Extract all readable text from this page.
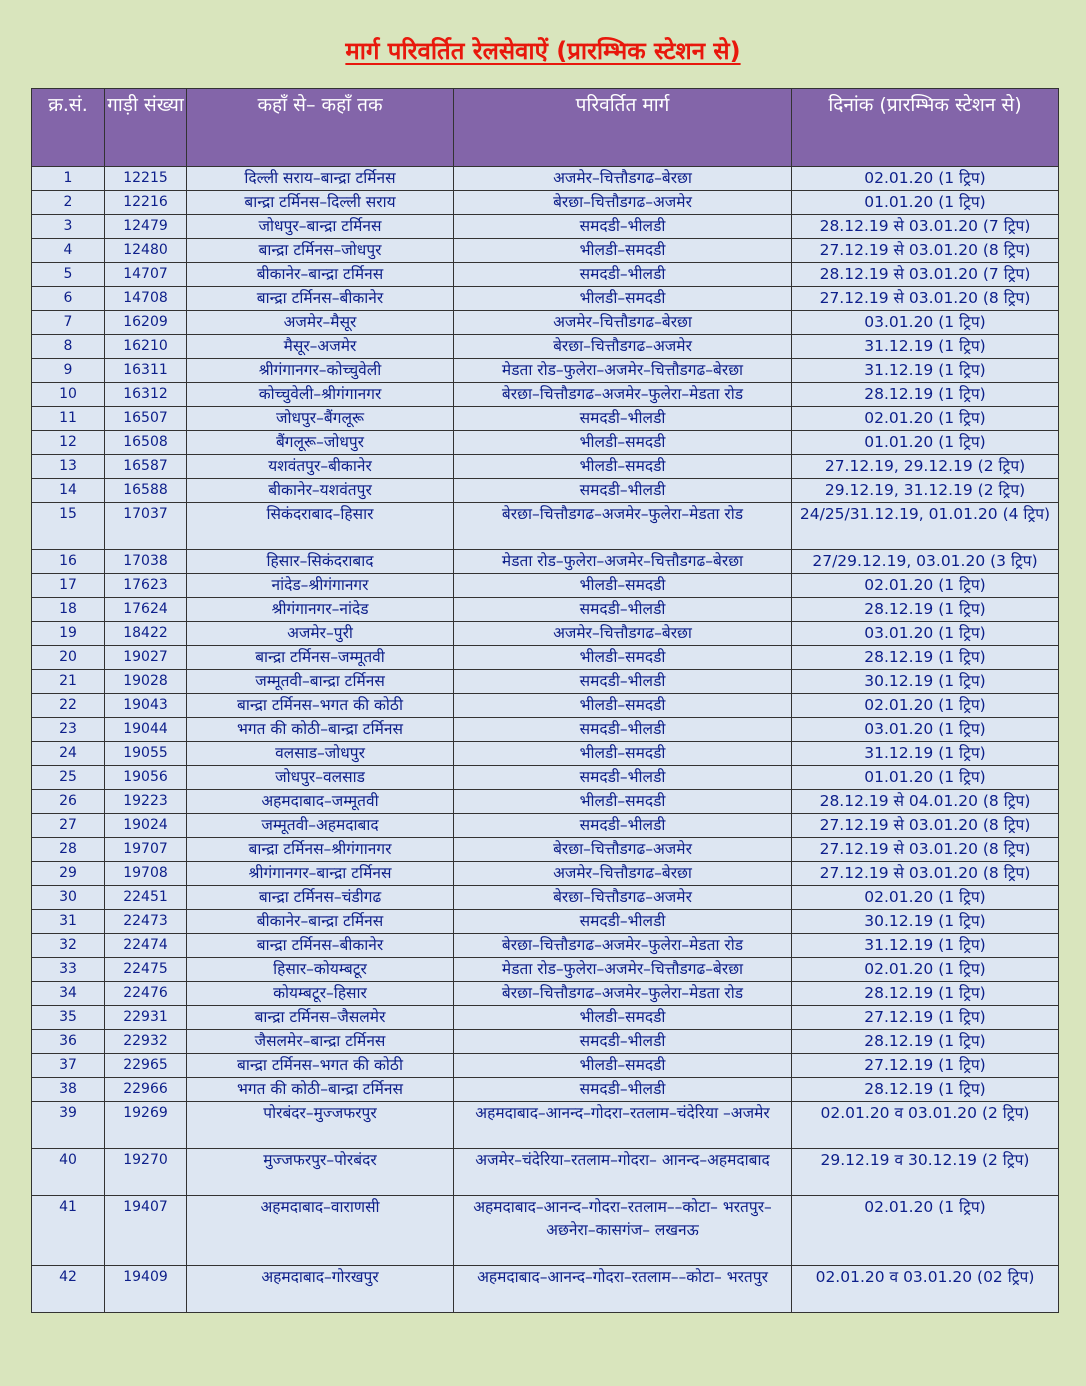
मार्ग परिवर्तित रेलसेवाऐं (प्रारम्भिक स्टेशन से)
क्र.सं.	गाड़ी संख्या	कहाँ से– कहाँ तक	परिवर्तित मार्ग	दिनांक (प्रारम्भिक स्टेशन से)
1	12215	दिल्ली सराय–बान्द्रा टर्मिनस	अजमेर–चित्तौडगढ–बेरछा	02.01.20 (1 ट्रिप)
2	12216	बान्द्रा टर्मिनस–दिल्ली सराय	बेरछा–चित्तौडगढ–अजमेर	01.01.20 (1 ट्रिप)
3	12479	जोधपुर–बान्द्रा टर्मिनस	समदडी–भीलडी	28.12.19 से 03.01.20 (7 ट्रिप)
4	12480	बान्द्रा टर्मिनस–जोधपुर	भीलडी–समदडी	27.12.19 से 03.01.20 (8 ट्रिप)
5	14707	बीकानेर–बान्द्रा टर्मिनस	समदडी–भीलडी	28.12.19 से 03.01.20 (7 ट्रिप)
6	14708	बान्द्रा टर्मिनस–बीकानेर	भीलडी–समदडी	27.12.19 से 03.01.20 (8 ट्रिप)
7	16209	अजमेर–मैसूर	अजमेर–चित्तौडगढ–बेरछा	03.01.20 (1 ट्रिप)
8	16210	मैसूर–अजमेर	बेरछा–चित्तौडगढ–अजमेर	31.12.19 (1 ट्रिप)
9	16311	श्रीगंगानगर–कोच्चुवेली	मेडता रोड–फुलेरा–अजमेर–चित्तौडगढ–बेरछा	31.12.19 (1 ट्रिप)
10	16312	कोच्चुवेली–श्रीगंगानगर	बेरछा–चित्तौडगढ–अजमेर–फुलेरा–मेडता रोड	28.12.19 (1 ट्रिप)
11	16507	जोधपुर–बैंगलूरू	समदडी–भीलडी	02.01.20 (1 ट्रिप)
12	16508	बैंगलूरू–जोधपुर	भीलडी–समदडी	01.01.20 (1 ट्रिप)
13	16587	यशवंतपुर–बीकानेर	भीलडी–समदडी	27.12.19, 29.12.19 (2 ट्रिप)
14	16588	बीकानेर–यशवंतपुर	समदडी–भीलडी	29.12.19, 31.12.19 (2 ट्रिप)
15	17037	सिकंदराबाद–हिसार	बेरछा–चित्तौडगढ–अजमेर–फुलेरा–मेडता रोड	24/25/31.12.19, 01.01.20 (4 ट्रिप)
16	17038	हिसार–सिकंदराबाद	मेडता रोड–फुलेरा–अजमेर–चित्तौडगढ–बेरछा	27/29.12.19, 03.01.20 (3 ट्रिप)
17	17623	नांदेड–श्रीगंगानगर	भीलडी–समदडी	02.01.20 (1 ट्रिप)
18	17624	श्रीगंगानगर–नांदेड	समदडी–भीलडी	28.12.19 (1 ट्रिप)
19	18422	अजमेर–पुरी	अजमेर–चित्तौडगढ–बेरछा	03.01.20 (1 ट्रिप)
20	19027	बान्द्रा टर्मिनस–जम्मूतवी	भीलडी–समदडी	28.12.19 (1 ट्रिप)
21	19028	जम्मूतवी–बान्द्रा टर्मिनस	समदडी–भीलडी	30.12.19 (1 ट्रिप)
22	19043	बान्द्रा टर्मिनस–भगत की कोठी	भीलडी–समदडी	02.01.20 (1 ट्रिप)
23	19044	भगत की कोठी–बान्द्रा टर्मिनस	समदडी–भीलडी	03.01.20 (1 ट्रिप)
24	19055	वलसाड–जोधपुर	भीलडी–समदडी	31.12.19 (1 ट्रिप)
25	19056	जोधपुर–वलसाड	समदडी–भीलडी	01.01.20 (1 ट्रिप)
26	19223	अहमदाबाद–जम्मूतवी	भीलडी–समदडी	28.12.19 से 04.01.20 (8 ट्रिप)
27	19024	जम्मूतवी–अहमदाबाद	समदडी–भीलडी	27.12.19 से 03.01.20 (8 ट्रिप)
28	19707	बान्द्रा टर्मिनस–श्रीगंगानगर	बेरछा–चित्तौडगढ–अजमेर	27.12.19 से 03.01.20 (8 ट्रिप)
29	19708	श्रीगंगानगर–बान्द्रा टर्मिनस	अजमेर–चित्तौडगढ–बेरछा	27.12.19 से 03.01.20 (8 ट्रिप)
30	22451	बान्द्रा टर्मिनस–चंडीगढ	बेरछा–चित्तौडगढ–अजमेर	02.01.20 (1 ट्रिप)
31	22473	बीकानेर–बान्द्रा टर्मिनस	समदडी–भीलडी	30.12.19 (1 ट्रिप)
32	22474	बान्द्रा टर्मिनस–बीकानेर	बेरछा–चित्तौडगढ–अजमेर–फुलेरा–मेडता रोड	31.12.19 (1 ट्रिप)
33	22475	हिसार–कोयम्बटूर	मेडता रोड–फुलेरा–अजमेर–चित्तौडगढ–बेरछा	02.01.20 (1 ट्रिप)
34	22476	कोयम्बटूर–हिसार	बेरछा–चित्तौडगढ–अजमेर–फुलेरा–मेडता रोड	28.12.19 (1 ट्रिप)
35	22931	बान्द्रा टर्मिनस–जैसलमेर	भीलडी–समदडी	27.12.19 (1 ट्रिप)
36	22932	जैसलमेर–बान्द्रा टर्मिनस	समदडी–भीलडी	28.12.19 (1 ट्रिप)
37	22965	बान्द्रा टर्मिनस–भगत की कोठी	भीलडी–समदडी	27.12.19 (1 ट्रिप)
38	22966	भगत की कोठी–बान्द्रा टर्मिनस	समदडी–भीलडी	28.12.19 (1 ट्रिप)
39	19269	पोरबंदर–मुज्जफरपुर	अहमदाबाद–आनन्द–गोदरा–रतलाम–चंदेरिया –अजमेर	02.01.20 व 03.01.20 (2 ट्रिप)
40	19270	मुज्जफरपुर–पोरबंदर	अजमेर–चंदेरिया–रतलाम–गोदरा– आनन्द–अहमदाबाद	29.12.19 व 30.12.19 (2 ट्रिप)
41	19407	अहमदाबाद–वाराणसी	अहमदाबाद–आनन्द–गोदरा–रतलाम––कोटा– भरतपुर–अछनेरा–कासगंज– लखनऊ	02.01.20 (1 ट्रिप)
42	19409	अहमदाबाद–गोरखपुर	अहमदाबाद–आनन्द–गोदरा–रतलाम––कोटा– भरतपुर	02.01.20 व 03.01.20 (02 ट्रिप)
